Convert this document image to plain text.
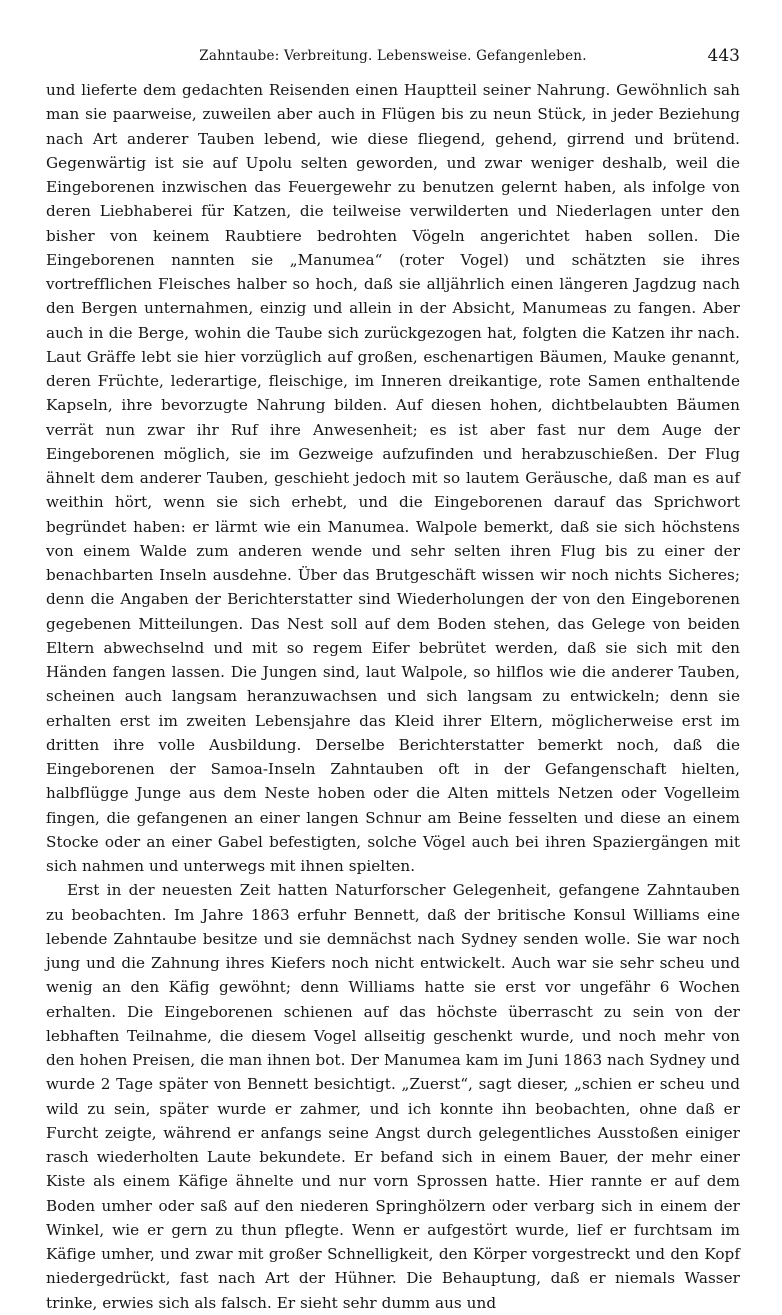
Zahntaube: Verbreitung. Lebensweise. Gefangenleben.	443

und lieferte dem gedachten Reisenden einen Hauptteil seiner Nahrung. Gewöhnlich sah man sie paarweise, zuweilen aber auch in Flügen bis zu neun Stück, in jeder Beziehung nach Art anderer Tauben lebend, wie diese fliegend, gehend, girrend und brütend. Gegenwärtig ist sie auf Upolu selten geworden, und zwar weniger deshalb, weil die Eingeborenen inzwischen das Feuergewehr zu benutzen gelernt haben, als infolge von deren Liebhaberei für Katzen, die teilweise verwilderten und Niederlagen unter den bisher von keinem Raubtiere bedrohten Vögeln angerichtet haben sollen. Die Eingeborenen nannten sie „Manumea“ (roter Vogel) und schätzten sie ihres vortrefflichen Fleisches halber so hoch, daß sie alljährlich einen längeren Jagdzug nach den Bergen unternahmen, einzig und allein in der Absicht, Manumeas zu fangen. Aber auch in die Berge, wohin die Taube sich zurückgezogen hat, folgten die Katzen ihr nach. Laut Gräffe lebt sie hier vorzüglich auf großen, eschenartigen Bäumen, Mauke genannt, deren Früchte, lederartige, fleischige, im Inneren dreikantige, rote Samen enthaltende Kapseln, ihre bevorzugte Nahrung bilden. Auf diesen hohen, dichtbelaubten Bäumen verrät nun zwar ihr Ruf ihre Anwesenheit; es ist aber fast nur dem Auge der Eingeborenen möglich, sie im Gezweige aufzufinden und herabzuschießen. Der Flug ähnelt dem anderer Tauben, geschieht jedoch mit so lautem Geräusche, daß man es auf weithin hört, wenn sie sich erhebt, und die Eingeborenen darauf das Sprichwort begründet haben: er lärmt wie ein Manumea. Walpole bemerkt, daß sie sich höchstens von einem Walde zum anderen wende und sehr selten ihren Flug bis zu einer der benachbarten Inseln ausdehne. Über das Brutgeschäft wissen wir noch nichts Sicheres; denn die Angaben der Berichterstatter sind Wiederholungen der von den Eingeborenen gegebenen Mitteilungen. Das Nest soll auf dem Boden stehen, das Gelege von beiden Eltern abwechselnd und mit so regem Eifer bebrütet werden, daß sie sich mit den Händen fangen lassen. Die Jungen sind, laut Walpole, so hilflos wie die anderer Tauben, scheinen auch langsam heranzuwachsen und sich langsam zu entwickeln; denn sie erhalten erst im zweiten Lebensjahre das Kleid ihrer Eltern, möglicherweise erst im dritten ihre volle Ausbildung. Derselbe Berichterstatter bemerkt noch, daß die Eingeborenen der Samoa-Inseln Zahntauben oft in der Gefangenschaft hielten, halbflügge Junge aus dem Neste hoben oder die Alten mittels Netzen oder Vogelleim fingen, die gefangenen an einer langen Schnur am Beine fesselten und diese an einem Stocke oder an einer Gabel befestigten, solche Vögel auch bei ihren Spaziergängen mit sich nahmen und unterwegs mit ihnen spielten.

Erst in der neuesten Zeit hatten Naturforscher Gelegenheit, gefangene Zahntauben zu beobachten. Im Jahre 1863 erfuhr Bennett, daß der britische Konsul Williams eine lebende Zahntaube besitze und sie demnächst nach Sydney senden wolle. Sie war noch jung und die Zahnung ihres Kiefers noch nicht entwickelt. Auch war sie sehr scheu und wenig an den Käfig gewöhnt; denn Williams hatte sie erst vor ungefähr 6 Wochen erhalten. Die Eingeborenen schienen auf das höchste überrascht zu sein von der lebhaften Teilnahme, die diesem Vogel allseitig geschenkt wurde, und noch mehr von den hohen Preisen, die man ihnen bot. Der Manumea kam im Juni 1863 nach Sydney und wurde 2 Tage später von Bennett besichtigt. „Zuerst“, sagt dieser, „schien er scheu und wild zu sein, später wurde er zahmer, und ich konnte ihn beobachten, ohne daß er Furcht zeigte, während er anfangs seine Angst durch gelegentliches Ausstoßen einiger rasch wiederholten Laute bekundete. Er befand sich in einem Bauer, der mehr einer Kiste als einem Käfige ähnelte und nur vorn Sprossen hatte. Hier rannte er auf dem Boden umher oder saß auf den niederen Springhölzern oder verbarg sich in einem der Winkel, wie er gern zu thun pflegte. Wenn er aufgestört wurde, lief er furchtsam im Käfige umher, und zwar mit großer Schnelligkeit, den Körper vorgestreckt und den Kopf niedergedrückt, fast nach Art der Hühner. Die Behauptung, daß er niemals Wasser trinke, erwies sich als falsch. Er sieht sehr dumm aus und
